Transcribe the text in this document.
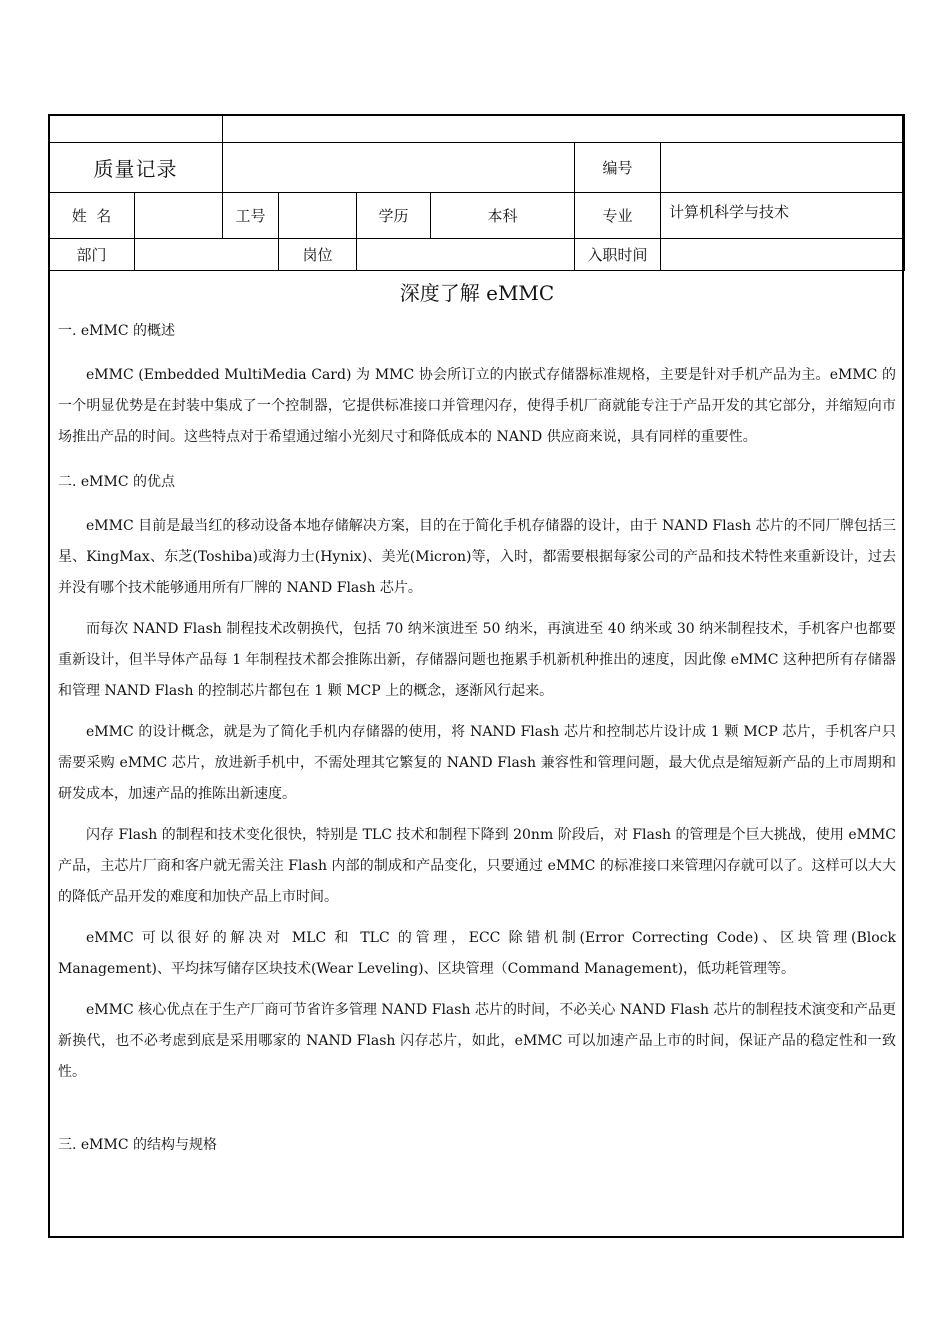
质量记录						编号	
姓  名		工号		学历	本科	专业	计算机科学与技术
部门			岗位			入职时间	
深度了解 eMMC

一. eMMC 的概述

eMMC (Embedded MultiMedia Card) 为 MMC 协会所订立的内嵌式存储器标准规格，主要是针对手机产品为主。eMMC 的一个明显优势是在封装中集成了一个控制器，它提供标准接口并管理闪存，使得手机厂商就能专注于产品开发的其它部分，并缩短向市场推出产品的时间。这些特点对于希望通过缩小光刻尺寸和降低成本的 NAND 供应商来说，具有同样的重要性。

二. eMMC 的优点

eMMC 目前是最当红的移动设备本地存储解决方案，目的在于简化手机存储器的设计，由于 NAND Flash 芯片的不同厂牌包括三星、KingMax、东芝(Toshiba)或海力士(Hynix)、美光(Micron)等，入时，都需要根据每家公司的产品和技术特性来重新设计，过去并没有哪个技术能够通用所有厂牌的 NAND Flash 芯片。

而每次 NAND Flash 制程技术改朝换代，包括 70 纳米演进至 50 纳米，再演进至 40 纳米或 30 纳米制程技术，手机客户也都要重新设计，但半导体产品每 1 年制程技术都会推陈出新，存储器问题也拖累手机新机种推出的速度，因此像 eMMC 这种把所有存储器和管理 NAND Flash 的控制芯片都包在 1 颗 MCP 上的概念，逐渐风行起来。

eMMC 的设计概念，就是为了简化手机内存储器的使用，将 NAND Flash 芯片和控制芯片设计成 1 颗 MCP 芯片，手机客户只需要采购 eMMC 芯片，放进新手机中，不需处理其它繁复的 NAND Flash 兼容性和管理问题，最大优点是缩短新产品的上市周期和研发成本，加速产品的推陈出新速度。

闪存 Flash 的制程和技术变化很快，特别是 TLC 技术和制程下降到 20nm 阶段后，对 Flash 的管理是个巨大挑战，使用 eMMC 产品，主芯片厂商和客户就无需关注 Flash 内部的制成和产品变化，只要通过 eMMC 的标准接口来管理闪存就可以了。这样可以大大的降低产品开发的难度和加快产品上市时间。

eMMC 可以很好的解决对 MLC 和 TLC 的管理，ECC 除错机制(Error Correcting Code)、区块管理(Block Management)、平均抹写储存区块技术(Wear Leveling)、区块管理（Command Management)，低功耗管理等。

eMMC 核心优点在于生产厂商可节省许多管理 NAND Flash 芯片的时间，不必关心 NAND Flash 芯片的制程技术演变和产品更新换代，也不必考虑到底是采用哪家的 NAND Flash 闪存芯片，如此，eMMC 可以加速产品上市的时间，保证产品的稳定性和一致性。

三. eMMC 的结构与规格
